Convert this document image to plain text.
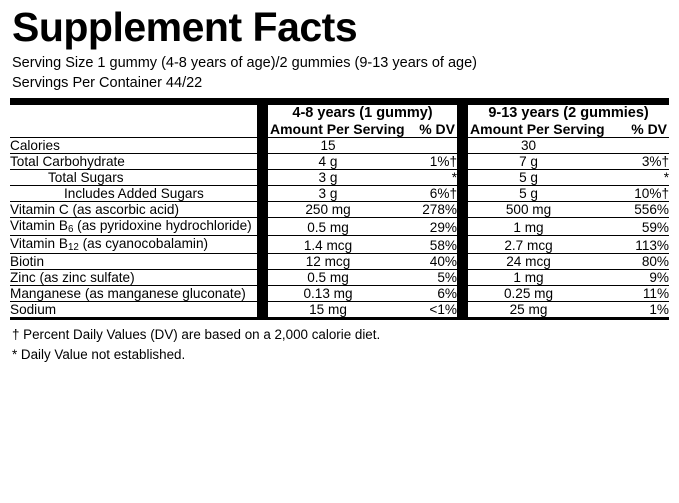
Supplement Facts
Serving Size 1 gummy (4-8 years of age)/2 gummies (9-13 years of age)
Servings Per Container 44/22
		4-8 years (1 gummy)			9-13 years (2 gummies)	
		Amount Per Serving	% DV		Amount Per Serving	% DV
Calories		15			30	
Total Carbohydrate		4 g	1%†		7 g	3%†
Total Sugars		3 g	*		5 g	*
Includes Added Sugars		3 g	6%†		5 g	10%†
Vitamin C (as ascorbic acid)		250 mg	278%		500 mg	556%
Vitamin $B_6$ (as pyridoxine hydrochloride)		0.5 mg	29%		1 mg	59%
Vitamin $B_{12}$ (as cyanocobalamin)		1.4 mcg	58%		2.7 mcg	113%
Biotin		12 mcg	40%		24 mcg	80%
Zinc (as zinc sulfate)		0.5 mg	5%		1 mg	9%
Manganese (as manganese gluconate)		0.13 mg	6%		0.25 mg	11%
Sodium		15 mg	<1%		25 mg	1%
† Percent Daily Values (DV) are based on a 2,000 calorie diet.
* Daily Value not established.
